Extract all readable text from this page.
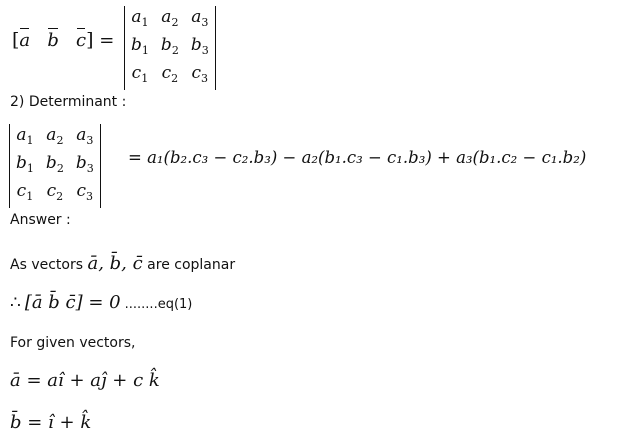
[a b c] =
$a_1$	$a_2$	$a_3$
$b_1$	$b_2$	$b_3$
$c_1$	$c_2$	$c_3$
2) Determinant :
$a_1$	$a_2$	$a_3$
$b_1$	$b_2$	$b_3$
$c_1$	$c_2$	$c_3$
= a₁(b₂.c₃ − c₂.b₃) − a₂(b₁.c₃ − c₁.b₃) + a₃(b₁.c₂ − c₁.b₂)
Answer :
As vectors ā, b̄, c̄ are coplanar
∴ [ā b̄ c̄] = 0 ........eq(1)
For given vectors,
ā = aî + aĵ + c k̂
b̄ = î + k̂
